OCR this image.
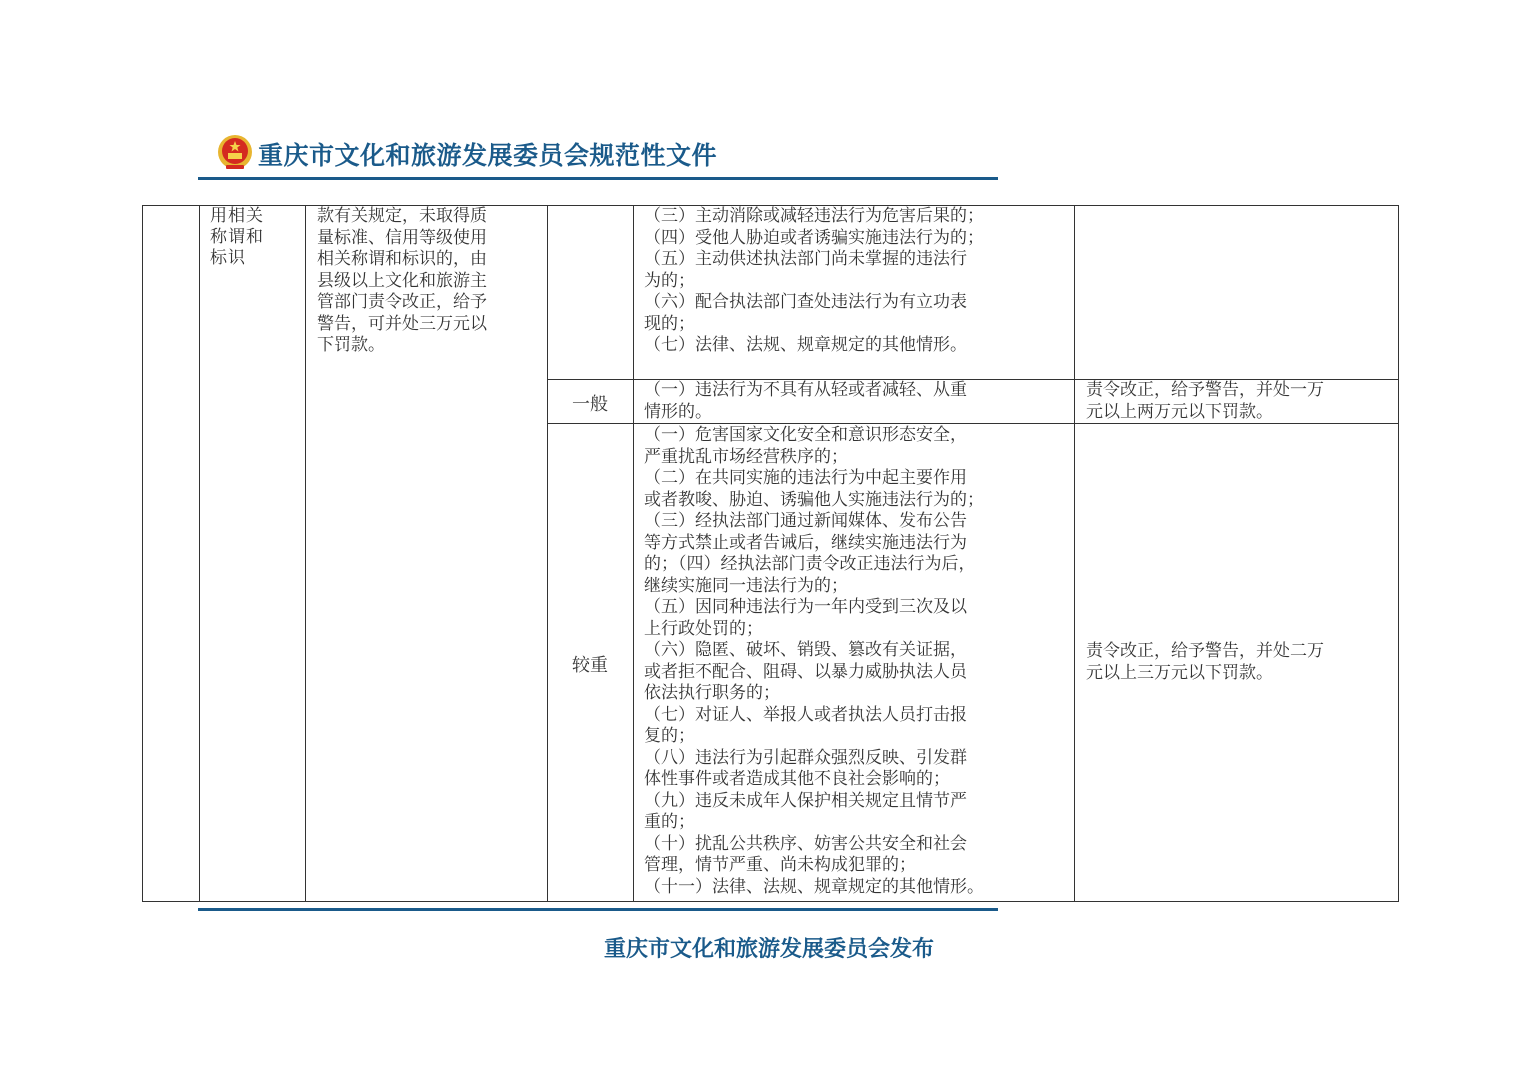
重庆市文化和旅游发展委员会规范性文件
用相关
称谓和
标识
款有关规定，未取得质
量标准、信用等级使用
相关称谓和标识的，由
县级以上文化和旅游主
管部门责令改正，给予
警告，可并处三万元以
下罚款。
（三）主动消除或减轻违法行为危害后果的；
（四）受他人胁迫或者诱骗实施违法行为的；
（五）主动供述执法部门尚未掌握的违法行
为的；
（六）配合执法部门查处违法行为有立功表
现的；
（七）法律、法规、规章规定的其他情形。
一般
（一）违法行为不具有从轻或者减轻、从重
情形的。
责令改正，给予警告，并处一万
元以上两万元以下罚款。
较重
（一）危害国家文化安全和意识形态安全，
严重扰乱市场经营秩序的；
（二）在共同实施的违法行为中起主要作用
或者教唆、胁迫、诱骗他人实施违法行为的；
（三）经执法部门通过新闻媒体、发布公告
等方式禁止或者告诫后，继续实施违法行为
的；（四）经执法部门责令改正违法行为后，
继续实施同一违法行为的；
（五）因同种违法行为一年内受到三次及以
上行政处罚的；
（六）隐匿、破坏、销毁、篡改有关证据，
或者拒不配合、阻碍、以暴力威胁执法人员
依法执行职务的；
（七）对证人、举报人或者执法人员打击报
复的；
（八）违法行为引起群众强烈反映、引发群
体性事件或者造成其他不良社会影响的；
（九）违反未成年人保护相关规定且情节严
重的；
（十）扰乱公共秩序、妨害公共安全和社会
管理，情节严重、尚未构成犯罪的；
（十一）法律、法规、规章规定的其他情形。
责令改正，给予警告，并处二万
元以上三万元以下罚款。
重庆市文化和旅游发展委员会发布
